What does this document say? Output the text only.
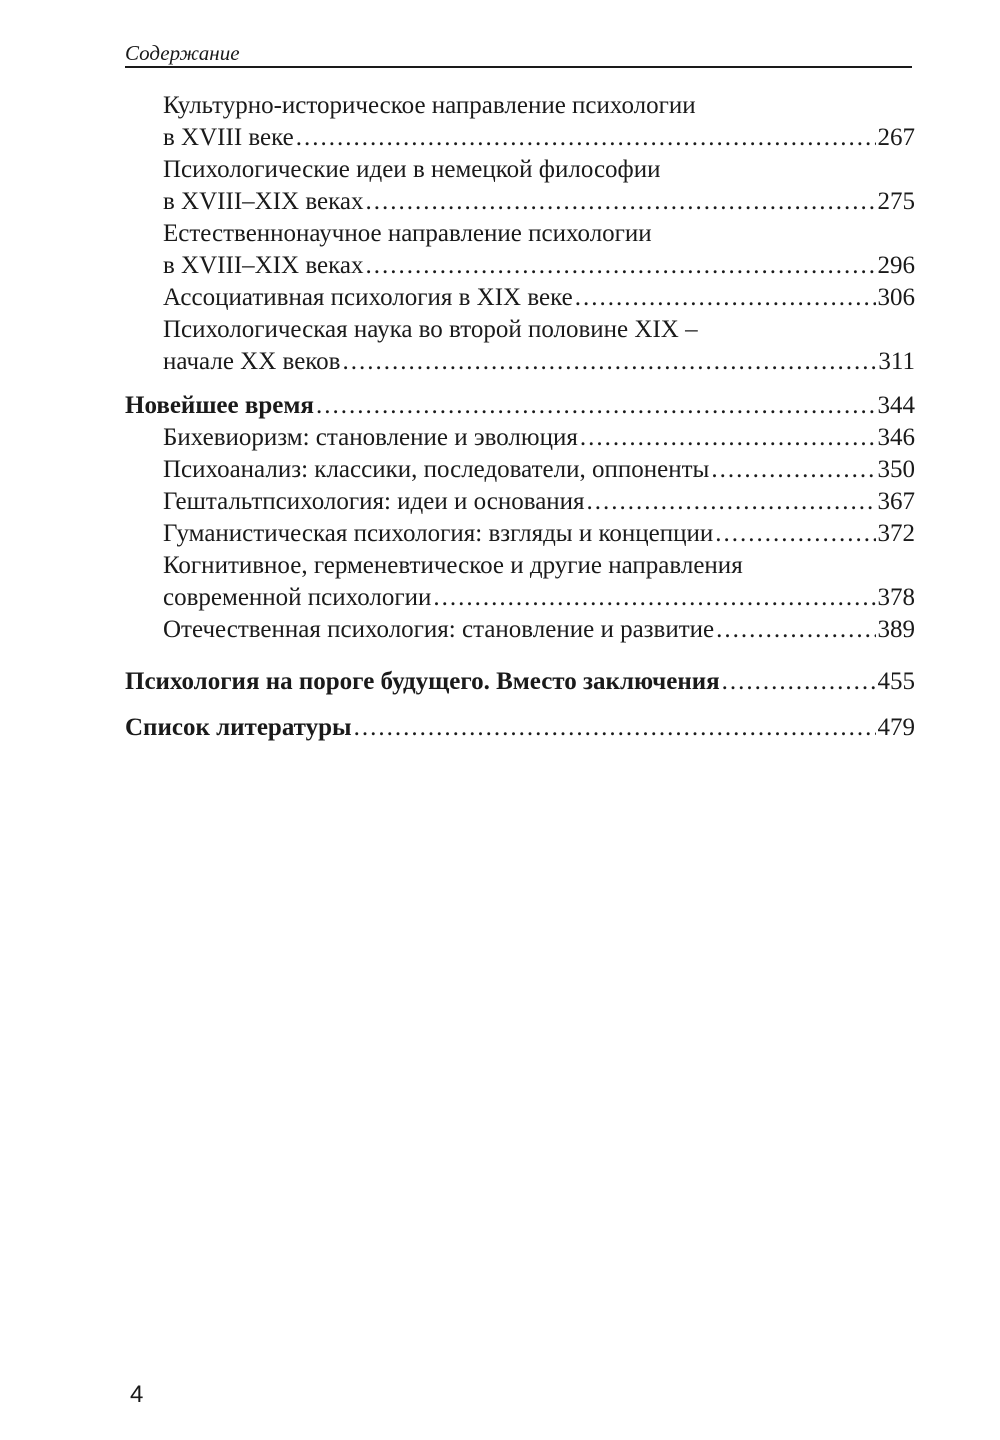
Содержание
Культурно-историческое направление психологии
в XVIII веке .....	267
Психологические идеи в немецкой философии
в XVIII–XIX веках .....	275
Естественнонаучное направление психологии
в XVIII–XIX веках .....	296
Ассоциативная психология в XIX веке .....	306
Психологическая наука во второй половине XIX –
начале XX веков .....	311
Новейшее время .....	344
Бихевиоризм: становление и эволюция .....	346
Психоанализ: классики, последователи, оппоненты .....	350
Гештальтпсихология: идеи и основания .....	367
Гуманистическая психология: взгляды и концепции .....	372
Когнитивное, герменевтическое и другие направления
современной психологии .....	378
Отечественная психология: становление и развитие .....	389
Психология на пороге будущего. Вместо заключения .....	455
Список литературы .....	479
4
